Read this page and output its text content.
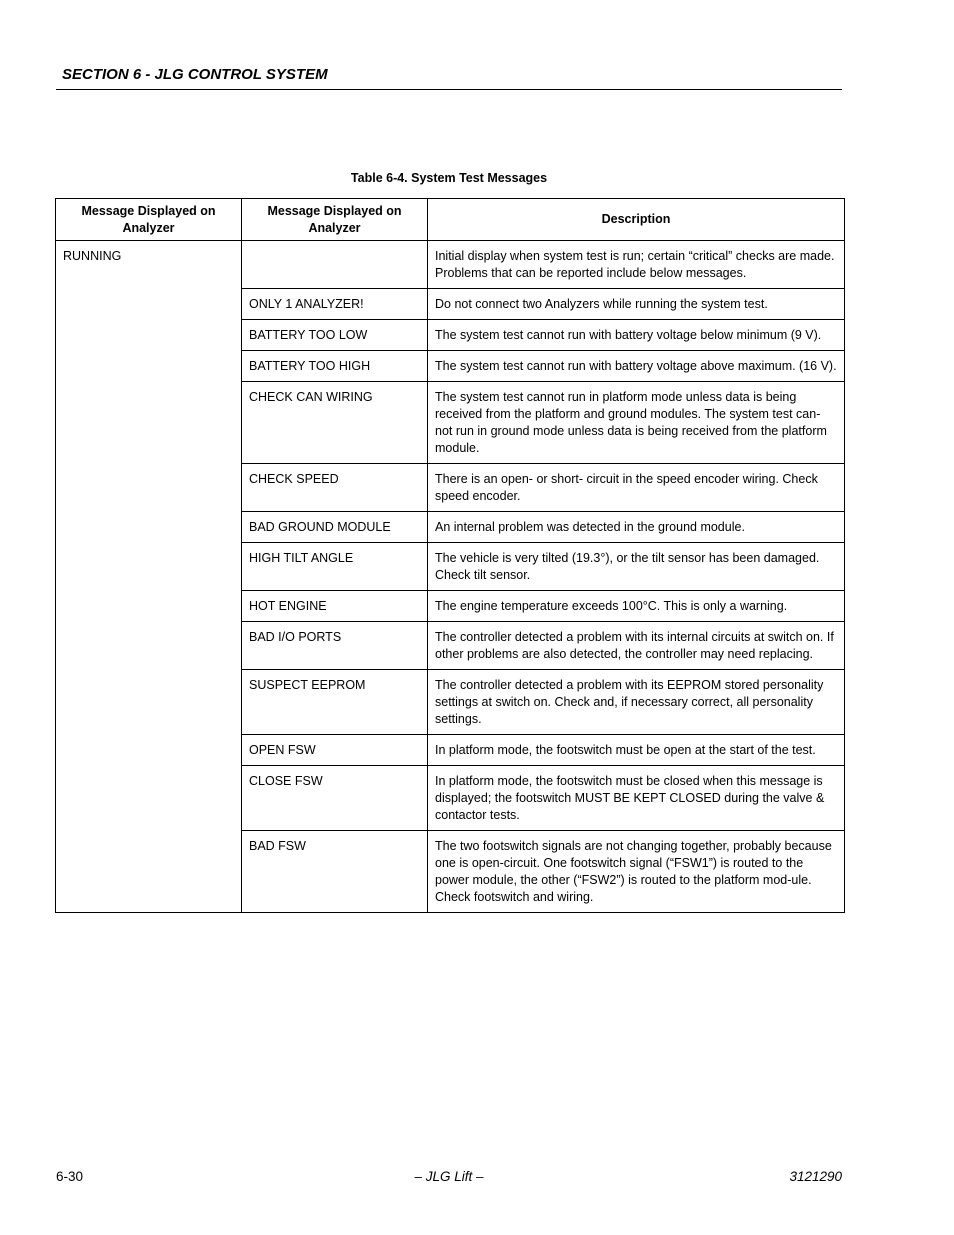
SECTION 6 - JLG CONTROL SYSTEM
Table 6-4. System Test Messages
Message Displayed on Analyzer	Message Displayed on Analyzer	Description
RUNNING		Initial display when system test is run; certain “critical” checks are made. Problems that can be reported include below messages.
	ONLY 1 ANALYZER!	Do not connect two Analyzers while running the system test.
	BATTERY TOO LOW	The system test cannot run with battery voltage below minimum (9 V).
	BATTERY TOO HIGH	The system test cannot run with battery voltage above maximum. (16 V).
	CHECK CAN WIRING	The system test cannot run in platform mode unless data is being received from the platform and ground modules. The system test can-not run in ground mode unless data is being received from the platform module.
	CHECK SPEED	There is an open- or short- circuit in the speed encoder wiring. Check speed encoder.
	BAD GROUND MODULE	An internal problem was detected in the ground module.
	HIGH TILT ANGLE	The vehicle is very tilted (19.3°), or the tilt sensor has been damaged. Check tilt sensor.
	HOT ENGINE	The engine temperature exceeds 100°C. This is only a warning.
	BAD I/O PORTS	The controller detected a problem with its internal circuits at switch on. If other problems are also detected, the controller may need replacing.
	SUSPECT EEPROM	The controller detected a problem with its EEPROM stored personality settings at switch on. Check and, if necessary correct, all personality settings.
	OPEN FSW	In platform mode, the footswitch must be open at the start of the test.
	CLOSE FSW	In platform mode, the footswitch must be closed when this message is displayed; the footswitch MUST BE KEPT CLOSED during the valve & contactor tests.
	BAD FSW	The two footswitch signals are not changing together, probably because one is open-circuit. One footswitch signal (“FSW1”) is routed to the power module, the other (“FSW2”) is routed to the platform mod-ule. Check footswitch and wiring.
6-30	– JLG Lift –	3121290
